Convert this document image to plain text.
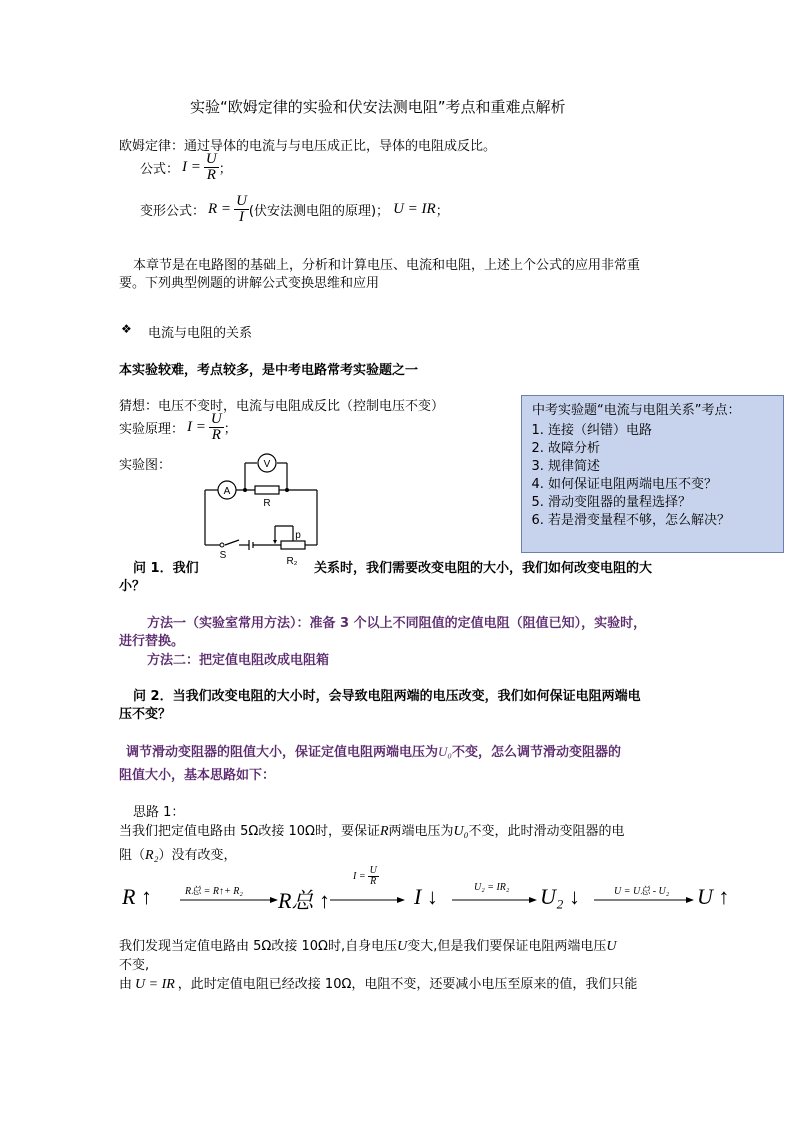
实验“欧姆定律的实验和伏安法测电阻”考点和重难点解析
欧姆定律：通过导体的电流与与电压成正比，导体的电阻成反比。
公式： $I = \frac{U}{R}$ ；
变形公式： $R = \frac{U}{I}$ (伏安法测电阻的原理)； U = IR ；
本章节是在电路图的基础上，分析和计算电压、电流和电阻，上述上个公式的应用非常重
要。下列典型例题的讲解公式变换思维和应用
❖ 电流与电阻的关系
本实验较难，考点较多，是中考电路常考实验题之一
猜想：电压不变时，电流与电阻成反比（控制电压不变）
实验原理： $I = \frac{U}{R}$ ；
实验图：	V
A
R
S
p
R₂
中考实验题“电流与电阻关系”考点：
1. 连接（纠错）电路
2. 故障分析
3. 规律简述
4. 如何保证电阻两端电压不变？
5. 滑动变阻器的量程选择？
6. 若是滑变量程不够，怎么解决？
问 1．我们	关系时，我们需要改变电阻的大小，我们如何改变电阻的大
小？
方法一（实验室常用方法）：准备 3 个以上不同阻值的定值电阻（阻值已知），实验时，
进行替换。
方法二：把定值电阻改成电阻箱
问 2．当我们改变电阻的大小时，会导致电阻两端的电压改变，我们如何保证电阻两端电
压不变？
调节滑动变阻器的阻值大小，保证定值电阻两端电压为U₀不变，怎么调节滑动变阻器的
阻值大小，基本思路如下：
思路 1：
当我们把定值电路由 5Ω改接 10Ω时，要保证R两端电压为U₀不变，此时滑动变阻器的电
阻（R₂）没有改变，
R ↑	R总 = R↑+ R₂ R总 ↑
$I = \frac{U}{R}$
I ↓	U₂ = IR₂ U₂ ↓	U = U总 - U₂ U ↑
我们发现当定值电路由 5Ω改接 10Ω时,自身电压U变大,但是我们要保证电阻两端电压U
不变,
由 U = IR ，此时定值电阻已经改接 10Ω，电阻不变，还要减小电压至原来的值，我们只能
